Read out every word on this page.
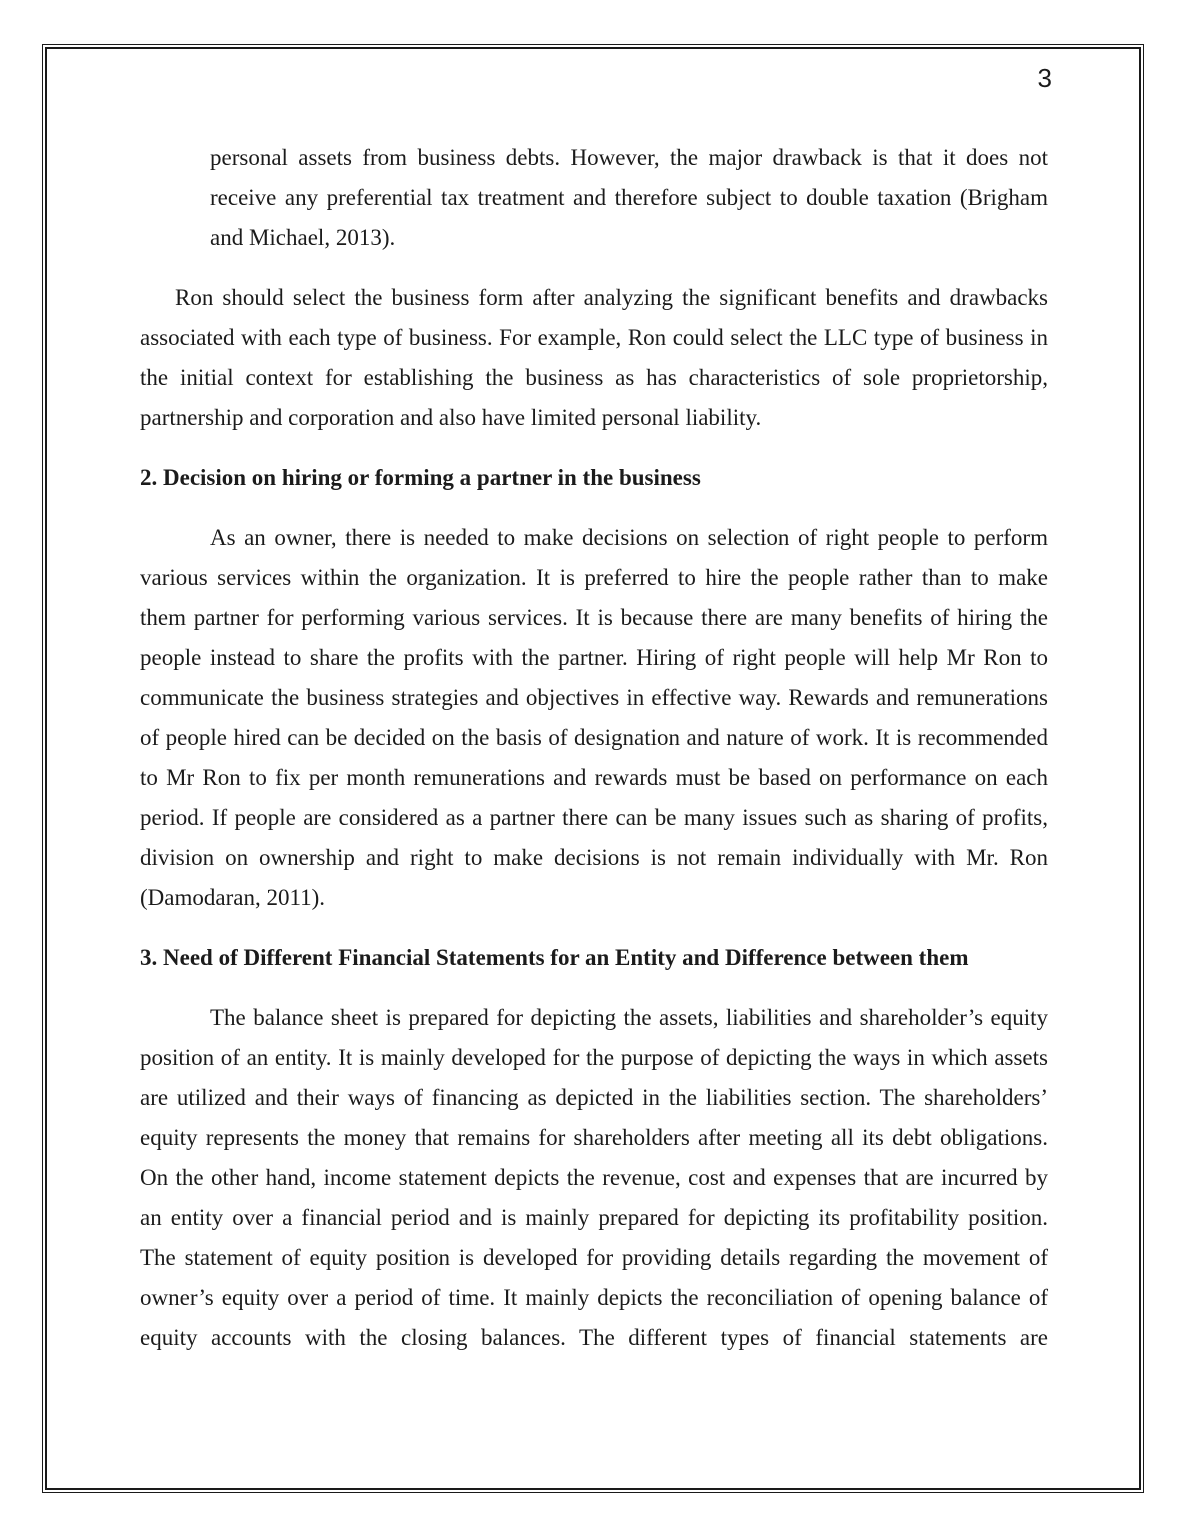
3
personal assets from business debts. However, the major drawback is that it does not
receive any preferential tax treatment and therefore subject to double taxation (Brigham
and Michael, 2013).
Ron should select the business form after analyzing the significant benefits and drawbacks
associated with each type of business. For example, Ron could select the LLC type of business in
the initial context for establishing the business as has characteristics of sole proprietorship,
partnership and corporation and also have limited personal liability.
2. Decision on hiring or forming a partner in the business
As an owner, there is needed to make decisions on selection of right people to perform
various services within the organization. It is preferred to hire the people rather than to make
them partner for performing various services. It is because there are many benefits of hiring the
people instead to share the profits with the partner. Hiring of right people will help Mr Ron to
communicate the business strategies and objectives in effective way. Rewards and remunerations
of people hired can be decided on the basis of designation and nature of work. It is recommended
to Mr Ron to fix per month remunerations and rewards must be based on performance on each
period. If people are considered as a partner there can be many issues such as sharing of profits,
division on ownership and right to make decisions is not remain individually with Mr. Ron
(Damodaran, 2011).
3. Need of Different Financial Statements for an Entity and Difference between them
The balance sheet is prepared for depicting the assets, liabilities and shareholder’s equity
position of an entity. It is mainly developed for the purpose of depicting the ways in which assets
are utilized and their ways of financing as depicted in the liabilities section. The shareholders’
equity represents the money that remains for shareholders after meeting all its debt obligations.
On the other hand, income statement depicts the revenue, cost and expenses that are incurred by
an entity over a financial period and is mainly prepared for depicting its profitability position.
The statement of equity position is developed for providing details regarding the movement of
owner’s equity over a period of time. It mainly depicts the reconciliation of opening balance of
equity accounts with the closing balances. The different types of financial statements are
